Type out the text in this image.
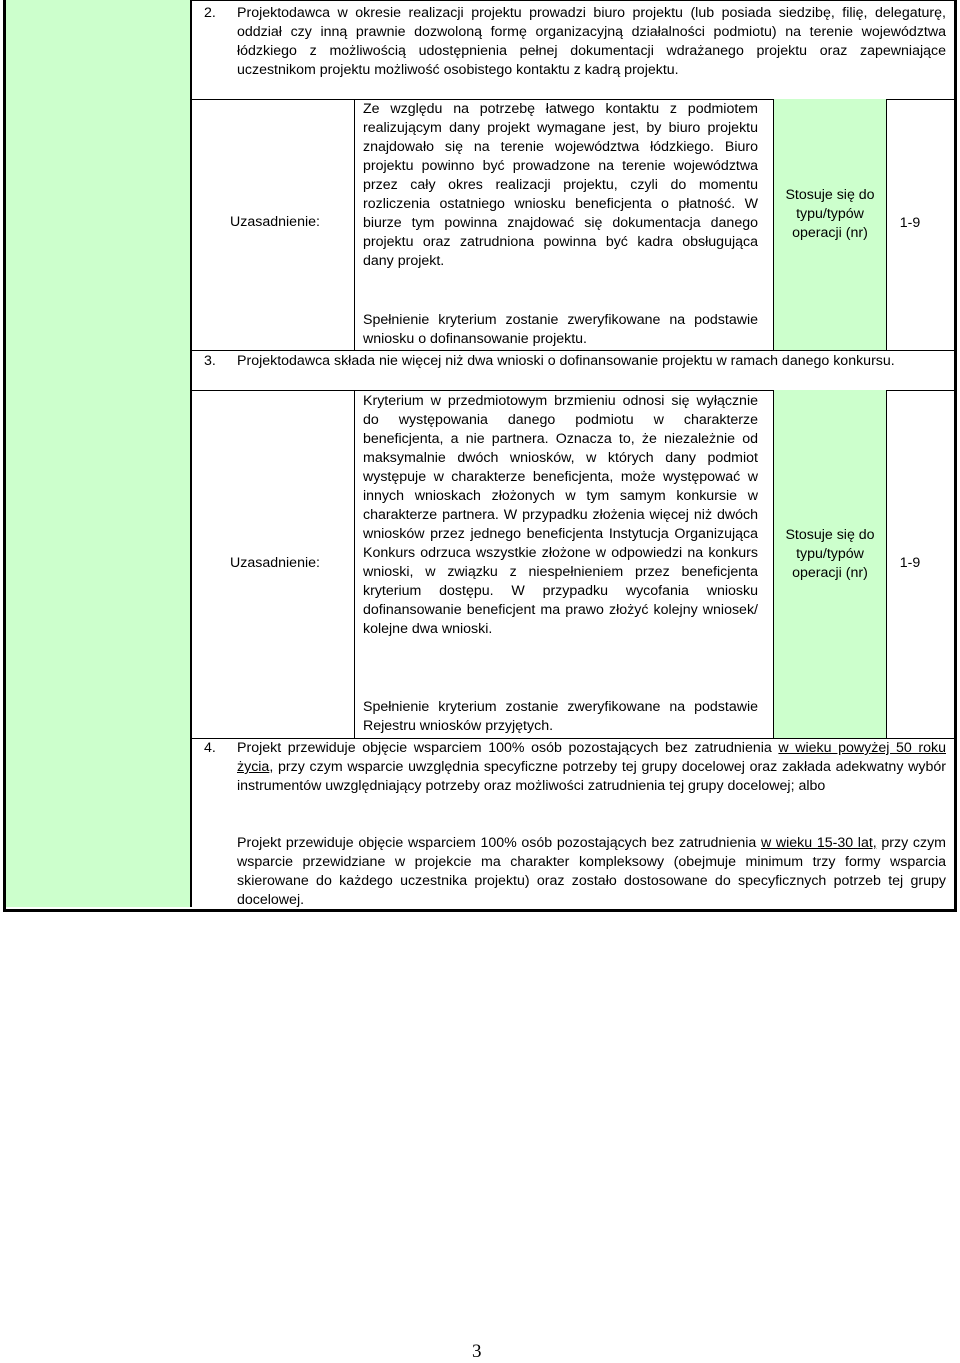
2. Projektodawca w okresie realizacji projektu prowadzi biuro projektu (lub posiada siedzibę, filię, delegaturę, oddział czy inną prawnie dozwoloną formę organizacyjną działalności podmiotu) na terenie województwa łódzkiego z możliwością udostępnienia pełnej dokumentacji wdrażanego projektu oraz zapewniające uczestnikom projektu możliwość osobistego kontaktu z kadrą projektu.
Uzasadnienie:
Ze względu na potrzebę łatwego kontaktu z podmiotem realizującym dany projekt wymagane jest, by biuro projektu znajdowało się na terenie województwa łódzkiego. Biuro projektu powinno być prowadzone na terenie województwa przez cały okres realizacji projektu, czyli do momentu rozliczenia ostatniego wniosku beneficjenta o płatność. W biurze tym powinna znajdować się dokumentacja danego projektu oraz zatrudniona powinna być kadra obsługująca dany projekt.
Spełnienie kryterium zostanie zweryfikowane na podstawie wniosku o dofinansowanie projektu.
Stosuje się do typu/typów operacji (nr)
1-9
3. Projektodawca składa nie więcej niż dwa wnioski o dofinansowanie projektu w ramach danego konkursu.
Uzasadnienie:
Kryterium w przedmiotowym brzmieniu odnosi się wyłącznie do występowania danego podmiotu w charakterze beneficjenta, a nie partnera. Oznacza to, że niezależnie od maksymalnie dwóch wniosków, w których dany podmiot występuje w charakterze beneficjenta, może występować w innych wnioskach złożonych w tym samym konkursie w charakterze partnera. W przypadku złożenia więcej niż dwóch wniosków przez jednego beneficjenta Instytucja Organizująca Konkurs odrzuca wszystkie złożone w odpowiedzi na konkurs wnioski, w związku z niespełnieniem przez beneficjenta kryterium dostępu. W przypadku wycofania wniosku dofinansowanie beneficjent ma prawo złożyć kolejny wniosek/ kolejne dwa wnioski.
Spełnienie kryterium zostanie zweryfikowane na podstawie Rejestru wniosków przyjętych.
Stosuje się do typu/typów operacji (nr)
1-9
4. Projekt przewiduje objęcie wsparciem 100% osób pozostających bez zatrudnienia w wieku powyżej 50 roku życia, przy czym wsparcie uwzględnia specyficzne potrzeby tej grupy docelowej oraz zakłada adekwatny wybór instrumentów uwzględniający potrzeby oraz możliwości zatrudnienia tej grupy docelowej; albo
Projekt przewiduje objęcie wsparciem 100% osób pozostających bez zatrudnienia w wieku 15-30 lat, przy czym wsparcie przewidziane w projekcie ma charakter kompleksowy (obejmuje minimum trzy formy wsparcia skierowane do każdego uczestnika projektu) oraz zostało dostosowane do specyficznych potrzeb tej grupy docelowej.
3
